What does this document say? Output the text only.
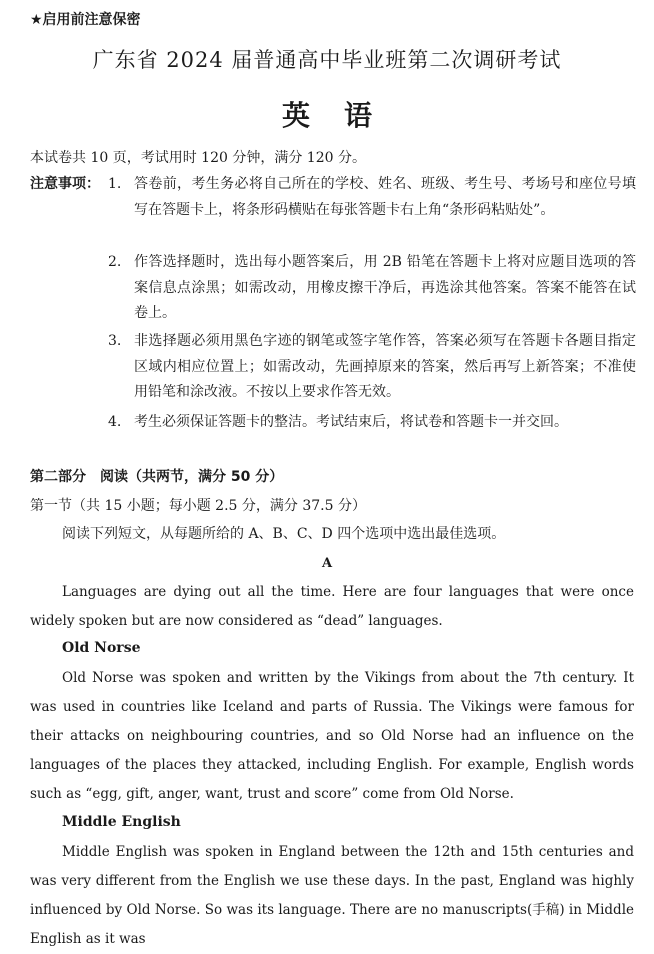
★启用前注意保密
广东省 2024 届普通高中毕业班第二次调研考试
英语
本试卷共 10 页，考试用时 120 分钟，满分 120 分。
注意事项： 1. 答卷前，考生务必将自己所在的学校、姓名、班级、考生号、考场号和座位号填写在答题卡上，将条形码横贴在每张答题卡右上角“条形码粘贴处”。
2. 作答选择题时，选出每小题答案后，用 2B 铅笔在答题卡上将对应题目选项的答案信息点涂黑；如需改动，用橡皮擦干净后，再选涂其他答案。答案不能答在试卷上。
3. 非选择题必须用黑色字迹的钢笔或签字笔作答，答案必须写在答题卡各题目指定区域内相应位置上；如需改动，先画掉原来的答案，然后再写上新答案；不准使用铅笔和涂改液。不按以上要求作答无效。
4. 考生必须保证答题卡的整洁。考试结束后，将试卷和答题卡一并交回。
第二部分　阅读（共两节，满分 50 分）
第一节（共 15 小题；每小题 2.5 分，满分 37.5 分）
阅读下列短文，从每题所给的 A、B、C、D 四个选项中选出最佳选项。
A
Languages are dying out all the time. Here are four languages that were once widely spoken but are now considered as “dead” languages.
Old Norse
Old Norse was spoken and written by the Vikings from about the 7th century. It was used in countries like Iceland and parts of Russia. The Vikings were famous for their attacks on neighbouring countries, and so Old Norse had an influence on the languages of the places they attacked, including English. For example, English words such as “egg, gift, anger, want, trust and score” come from Old Norse.
Middle English
Middle English was spoken in England between the 12th and 15th centuries and was very different from the English we use these days. In the past, England was highly influenced by Old Norse. So was its language. There are no manuscripts(手稿) in Middle English as it was
